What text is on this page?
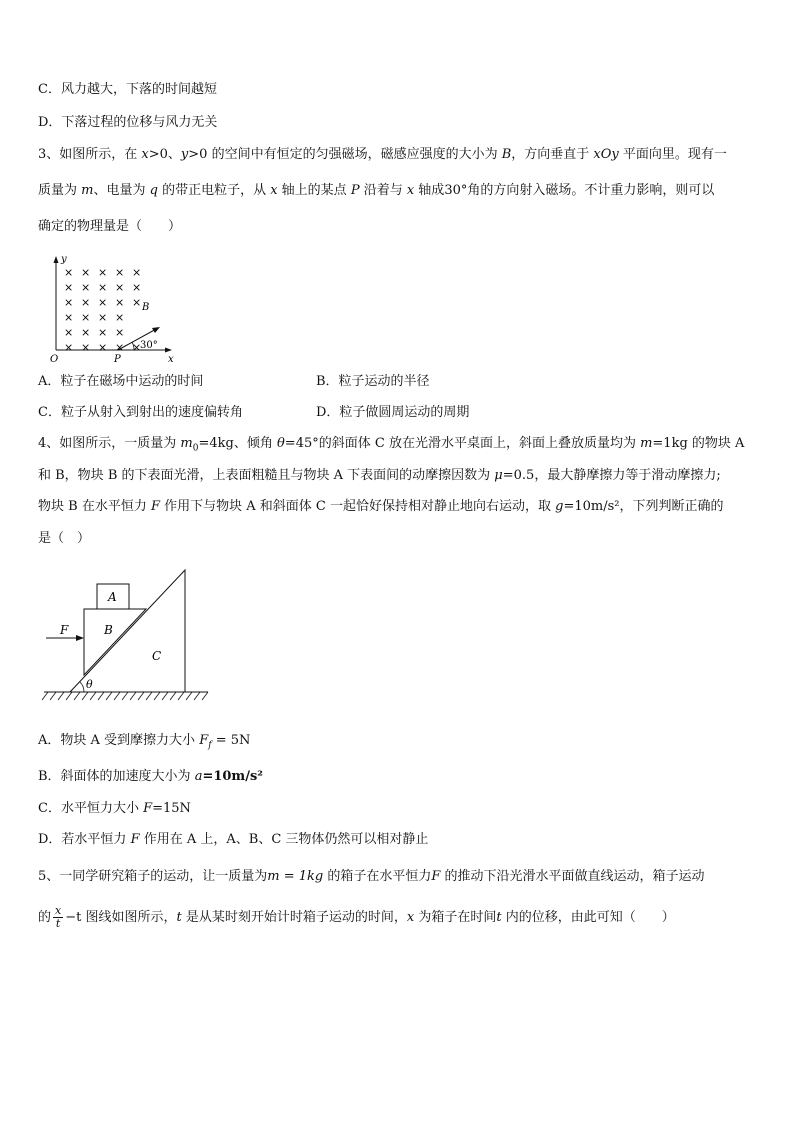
C．风力越大，下落的时间越短
D．下落过程的位移与风力无关
3、如图所示，在 x>0、y>0 的空间中有恒定的匀强磁场，磁感应强度的大小为 B，方向垂直于 xOy 平面向里。现有一
质量为 m、电量为 q 的带正电粒子，从 x 轴上的某点 P 沿着与 x 轴成30°角的方向射入磁场。不计重力影响，则可以
确定的物理量是（　　）
y
x
O	P
B
× × × × ×
× × × × ×
× × × × ×
× × × ×
× × × ×
× × × × ×
30°
A．粒子在磁场中运动的时间	B．粒子运动的半径
C．粒子从射入到射出的速度偏转角	D．粒子做圆周运动的周期
4、如图所示，一质量为 $m_0=4kg$、倾角 θ=45°的斜面体 C 放在光滑水平桌面上，斜面上叠放质量均为 m=1kg 的物块 A
和 B，物块 B 的下表面光滑，上表面粗糙且与物块 A 下表面间的动摩擦因数为 μ=0.5，最大静摩擦力等于滑动摩擦力;
物块 B 在水平恒力 F 作用下与物块 A 和斜面体 C 一起恰好保持相对静止地向右运动，取 g=10m/s²，下列判断正确的
是（　）
C
B
A
F
θ
A．物块 A 受到摩擦力大小 $F_f = 5N$
B．斜面体的加速度大小为 a=10m/s²
C．水平恒力大小 F=15N
D．若水平恒力 F 作用在 A 上，A、B、C 三物体仍然可以相对静止
5、一同学研究箱子的运动，让一质量为m = 1kg 的箱子在水平恒力F 的推动下沿光滑水平面做直线运动，箱子运动
的 $\frac{x}{t} -t$ 图线如图所示，t 是从某时刻开始计时箱子运动的时间，x 为箱子在时间t 内的位移，由此可知（　　）
